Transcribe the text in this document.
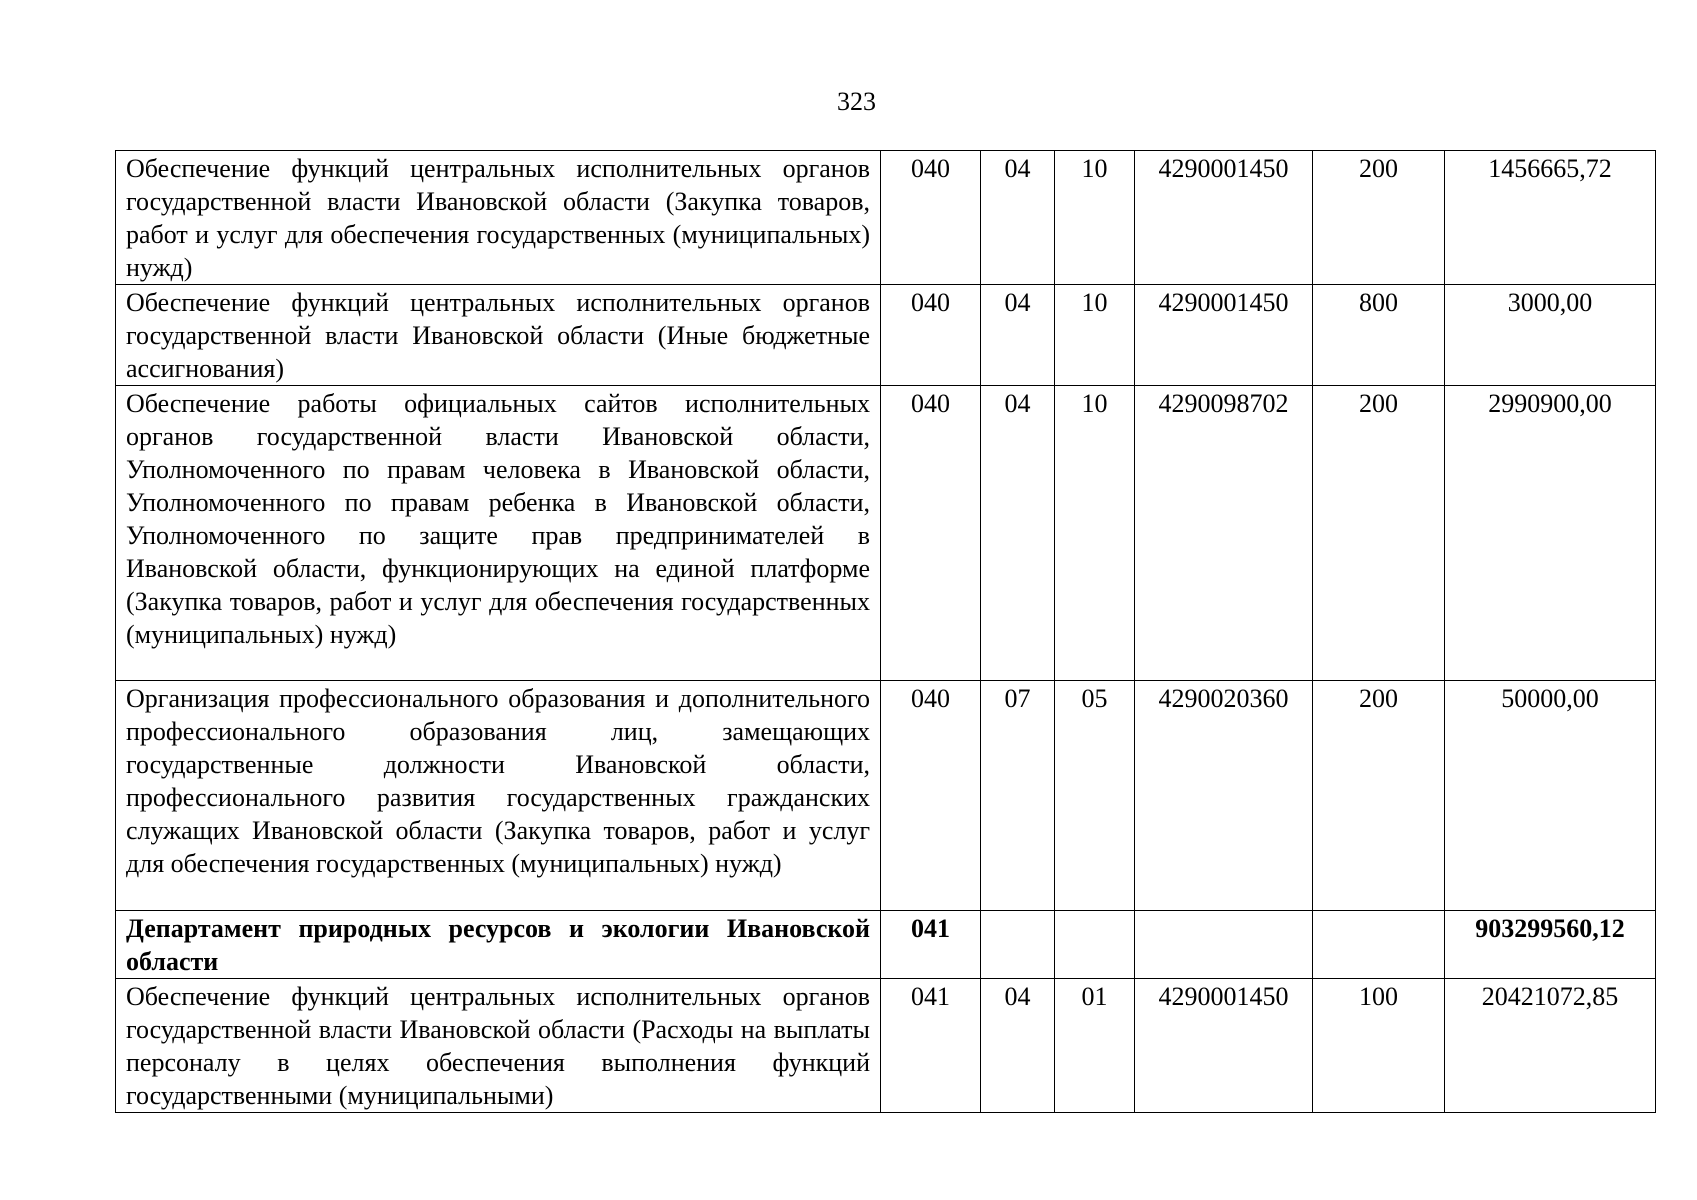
323
Обеспечение функций центральных исполнительных органов государственной власти Ивановской области (Закупка товаров, работ и услуг для обеспечения государственных (муниципальных) нужд)	040	04	10	4290001450	200	1456665,72
Обеспечение функций центральных исполнительных органов государственной власти Ивановской области (Иные бюджетные ассигнования)	040	04	10	4290001450	800	3000,00
Обеспечение работы официальных сайтов исполнительных органов государственной власти Ивановской области, Уполномоченного по правам человека в Ивановской области, Уполномоченного по правам ребенка в Ивановской области, Уполномоченного по защите прав предпринимателей в Ивановской области, функционирующих на единой платформе (Закупка товаров, работ и услуг для обеспечения государственных (муниципальных) нужд)	040	04	10	4290098702	200	2990900,00
Организация профессионального образования и дополнительного профессионального образования лиц, замещающих государственные должности Ивановской области, профессионального развития государственных гражданских служащих Ивановской области (Закупка товаров, работ и услуг для обеспечения государственных (муниципальных) нужд)	040	07	05	4290020360	200	50000,00
Департамент природных ресурсов и экологии Ивановской области	041					903299560,12
Обеспечение функций центральных исполнительных органов государственной власти Ивановской области (Расходы на выплаты персоналу в целях обеспечения выполнения функций государственными (муниципальными)	041	04	01	4290001450	100	20421072,85
